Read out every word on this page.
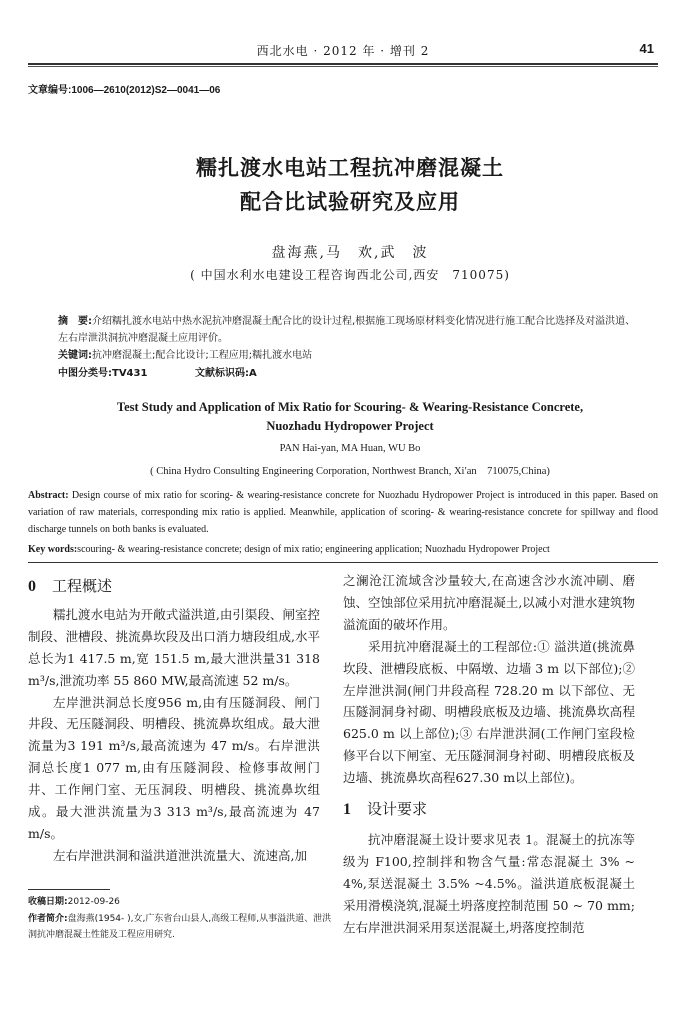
西北水电 · 2012 年 · 增刊 2	41
文章编号:1006—2610(2012)S2—0041—06
糯扎渡水电站工程抗冲磨混凝土
配合比试验研究及应用
盘海燕,马　欢,武　波
( 中国水利水电建设工程咨询西北公司,西安　710075)
摘　要:介绍糯扎渡水电站中热水泥抗冲磨混凝土配合比的设计过程,根据施工现场原材料变化情况进行施工配合比选择及对溢洪道、左右岸泄洪洞抗冲磨混凝土应用评价。
关键词:抗冲磨混凝土;配合比设计;工程应用;糯扎渡水电站
中图分类号:TV431	文献标识码:A
Test Study and Application of Mix Ratio for Scouring- & Wearing-Resistance Concrete,
Nuozhadu Hydropower Project
PAN Hai-yan, MA Huan, WU Bo
( China Hydro Consulting Engineering Corporation, Northwest Branch, Xi′an　710075,China)
Abstract: Design course of mix ratio for scoring- & wearing-resistance concrete for Nuozhadu Hydropower Project is introduced in this paper. Based on variation of raw materials, corresponding mix ratio is applied. Meanwhile, application of scoring- & wearing-resistance concrete for spillway and flood discharge tunnels on both banks is evaluated.
Key words:scouring- & wearing-resistance concrete; design of mix ratio; engineering application; Nuozhadu Hydropower Project
0 工程概述

糯扎渡水电站为开敞式溢洪道,由引渠段、闸室控制段、泄槽段、挑流鼻坎段及出口消力塘段组成,水平总长为1 417.5 m,宽 151.5 m,最大泄洪量31 318 m³/s,泄流功率 55 860 MW,最高流速 52 m/s。

左岸泄洪洞总长度956 m,由有压隧洞段、闸门井段、无压隧洞段、明槽段、挑流鼻坎组成。最大泄流量为3 191 m³/s,最高流速为 47 m/s。右岸泄洪洞总长度1 077 m,由有压隧洞段、检修事故闸门井、工作闸门室、无压洞段、明槽段、挑流鼻坎组成。最大泄洪流量为3 313 m³/s,最高流速为 47 m/s。

左右岸泄洪洞和溢洪道泄洪流量大、流速高,加

之澜沧江流域含沙量较大,在高速含沙水流冲刷、磨蚀、空蚀部位采用抗冲磨混凝土,以减小对泄水建筑物溢流面的破坏作用。

采用抗冲磨混凝土的工程部位:① 溢洪道(挑流鼻坎段、泄槽段底板、中隔墩、边墙 3 m 以下部位);② 左岸泄洪洞(闸门井段高程 728.20 m 以下部位、无压隧洞洞身衬砌、明槽段底板及边墙、挑流鼻坎高程 625.0 m 以上部位);③ 右岸泄洪洞(工作闸门室段检修平台以下闸室、无压隧洞洞身衬砌、明槽段底板及边墙、挑流鼻坎高程627.30 m以上部位)。

1 设计要求

抗冲磨混凝土设计要求见表 1。混凝土的抗冻等级为 F100,控制拌和物含气量:常态混凝土 3% ~ 4%,泵送混凝土 3.5% ~4.5%。溢洪道底板混凝土采用滑模浇筑,混凝土坍落度控制范围 50 ~ 70 mm;左右岸泄洪洞采用泵送混凝土,坍落度控制范

收稿日期:2012-09-26
作者简介:盘海燕(1954- ),女,广东省台山县人,高级工程师,从事溢洪道、泄洪洞抗冲磨混凝土性能及工程应用研究.
